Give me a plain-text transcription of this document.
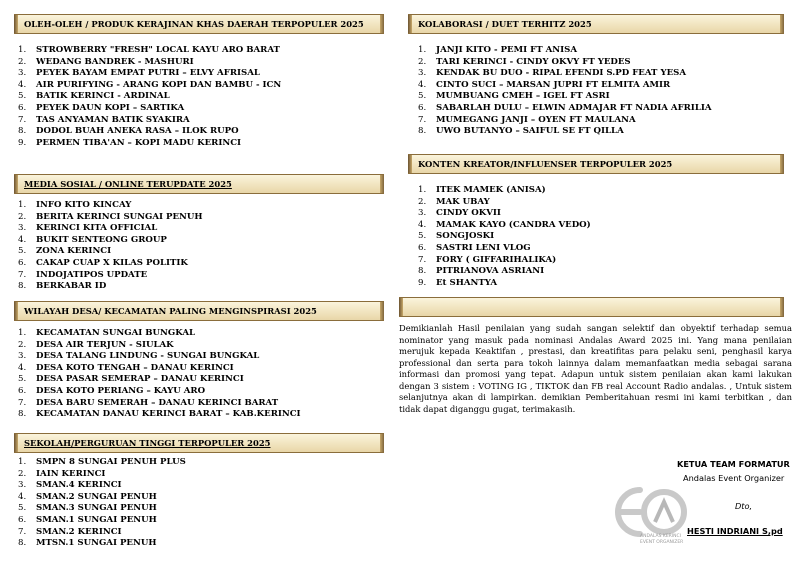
OLEH-OLEH / PRODUK KERAJINAN KHAS DAERAH TERPOPULER 2025
1.	STROWBERRY "FRESH" LOCAL KAYU ARO BARAT
2.	WEDANG BANDREK - MASHURI
3.	PEYEK BAYAM EMPAT PUTRI – ELVY AFRISAL
4.	AIR PURIFYING - ARANG KOPI DAN BAMBU - ICN
5.	BATIK KERINCI - ARDINAL
6.	PEYEK DAUN KOPI – SARTIKA
7.	TAS ANYAMAN BATIK SYAKIRA
8.	DODOL BUAH ANEKA RASA – ILOK RUPO
9.	PERMEN TIBA'AN – KOPI MADU KERINCI
MEDIA SOSIAL / ONLINE TERUPDATE 2025
1.	INFO KITO KINCAY
2.	BERITA KERINCI SUNGAI PENUH
3.	KERINCI KITA OFFICIAL
4.	BUKIT SENTEONG GROUP
5.	ZONA KERINCI
6.	CAKAP CUAP X KILAS POLITIK
7.	INDOJATIPOS UPDATE
8.	BERKABAR ID
WILAYAH DESA/ KECAMATAN PALING MENGINSPIRASI 2025
1.	KECAMATAN SUNGAI BUNGKAL
2.	DESA AIR TERJUN - SIULAK
3.	DESA TALANG LINDUNG - SUNGAI BUNGKAL
4.	DESA KOTO TENGAH – DANAU KERINCI
5.	DESA PASAR SEMERAP – DANAU KERINCI
6.	DESA KOTO PERIANG – KAYU ARO
7.	DESA BARU SEMERAH – DANAU KERINCI BARAT
8.	KECAMATAN DANAU KERINCI BARAT – KAB.KERINCI
SEKOLAH/PERGURUAN TINGGI TERPOPULER 2025
1.	SMPN 8 SUNGAI PENUH PLUS
2.	IAIN KERINCI
3.	SMAN.4 KERINCI
4.	SMAN.2 SUNGAI PENUH
5.	SMAN.3 SUNGAI PENUH
6.	SMAN.1 SUNGAI PENUH
7.	SMAN.2 KERINCI
8.	MTSN.1 SUNGAI PENUH
KOLABORASI / DUET TERHITZ 2025
1.	JANJI KITO - PEMI FT ANISA
2.	TARI KERINCI - CINDY OKVY FT YEDES
3.	KENDAK BU DUO - RIPAL EFENDI S.PD FEAT YESA
4.	CINTO SUCI – MARSAN JUPRI FT ELMITA AMIR
5.	MUMBUANG CMEH – IGEL FT ASRI
6.	SABARLAH DULU – ELWIN ADMAJAR FT NADIA AFRILIA
7.	MUMEGANG JANJI – OYEN FT MAULANA
8.	UWO BUTANYO – SAIFUL SE FT QILLA
KONTEN KREATOR/INFLUENSER TERPOPULER 2025
1.	ITEK MAMEK (ANISA)
2.	MAK UBAY
3.	CINDY OKVII
4.	MAMAK KAYO (CANDRA VEDO)
5.	SONGJOSKI
6.	SASTRI LENI VLOG
7.	FORY ( GIFFARIHALIKA)
8.	PITRIANOVA ASRIANI
9.	Et SHANTYA

Demikianlah Hasil penilaian yang sudah sangan selektif dan obyektif terhadap semua nominator yang masuk pada nominasi Andalas Award 2025 ini. Yang mana penilaian merujuk kepada Keaktifan , prestasi, dan kreatifitas para pelaku seni, penghasil karya professional dan serta para tokoh lainnya dalam memanfaatkan media sebagai sarana informasi dan promosi yang tepat. Adapun untuk sistem penilaian akan kami lakukan dengan 3 sistem : VOTING IG , TIKTOK dan FB real Account Radio andalas. , Untuk sistem selanjutnya akan di lampirkan. demikian Pemberitahuan resmi ini kami terbitkan , dan tidak dapat diganggu gugat, terimakasih.

KETUA TEAM FORMATUR
Andalas Event Organizer
Dto,
HESTI INDRIANI S,pd
ANDALAS KERINCI
EVENT ORGANIZER
